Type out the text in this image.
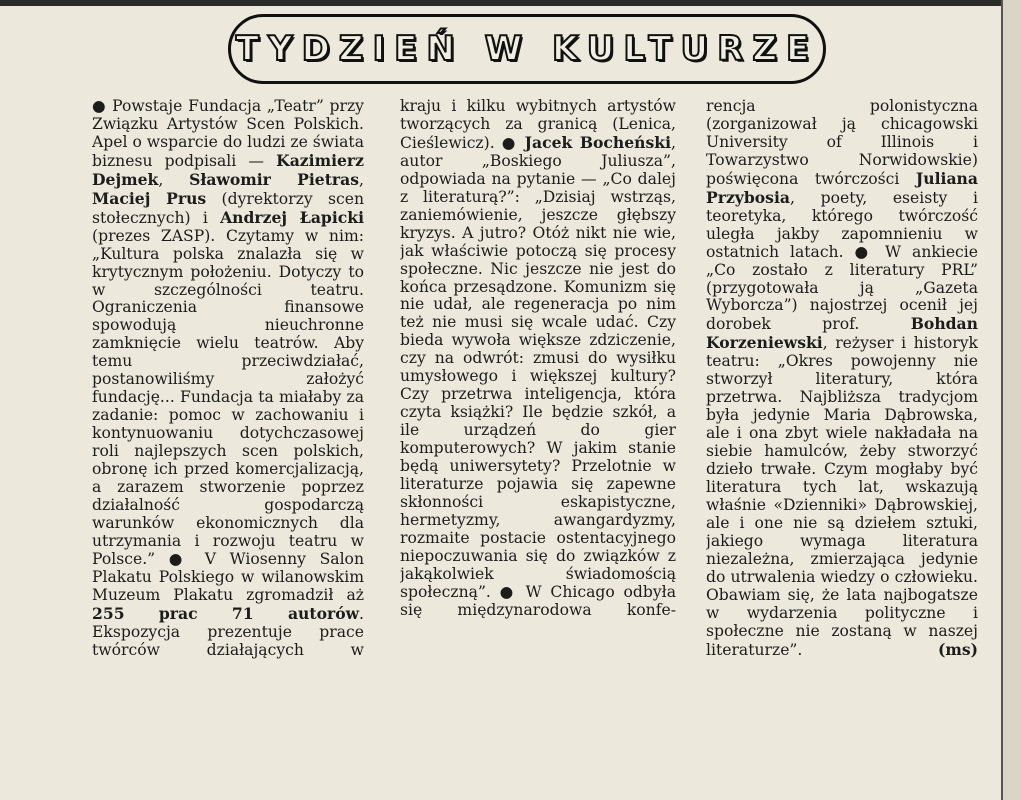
TYDZIEŃ W KULTURZE

● Powstaje Fundacja „Teatr” przy Związku Artystów Scen Polskich. Apel o wsparcie do ludzi ze świata biznesu podpisali — Kazimierz Dejmek, Sławomir Pietras, Maciej Prus (dyrektorzy scen stołecznych) i Andrzej Łapicki (prezes ZASP). Czytamy w nim: „Kultura polska znalazła się w krytycznym położeniu. Dotyczy to w szczególności teatru. Ograniczenia finansowe spowodują nieuchronne zamknięcie wielu teatrów. Aby temu przeciwdziałać, postanowiliśmy założyć fundację... Fundacja ta miałaby za zadanie: pomoc w zachowaniu i kontynuowaniu dotychczasowej roli najlepszych scen polskich, obronę ich przed komercjalizacją, a zarazem stworzenie poprzez działalność gospodarczą warunków ekonomicznych dla utrzymania i rozwoju teatru w Polsce.” ● V Wiosenny Salon Plakatu Polskiego w wilanowskim Muzeum Plakatu zgromadził aż 255 prac 71 autorów. Ekspozycja prezentuje prace twórców działających w

kraju i kilku wybitnych artystów tworzących za granicą (Lenica, Cieślewicz). ● Jacek Bocheński, autor „Boskiego Juliusza”, odpowiada na pytanie — „Co dalej z literaturą?”: „Dzisiaj wstrząs, zaniemówienie, jeszcze głębszy kryzys. A jutro? Otóż nikt nie wie, jak właściwie potoczą się procesy społeczne. Nic jeszcze nie jest do końca przesądzone. Komunizm się nie udał, ale regeneracja po nim też nie musi się wcale udać. Czy bieda wywoła większe zdziczenie, czy na odwrót: zmusi do wysiłku umysłowego i większej kultury? Czy przetrwa inteligencja, która czyta książki? Ile będzie szkół, a ile urządzeń do gier komputerowych? W jakim stanie będą uniwersytety? Przelotnie w literaturze pojawia się zapewne skłonności eskapistyczne, hermetyzmy, awangardyzmy, rozmaite postacie ostentacyjnego niepoczuwania się do związków z jakąkolwiek świadomością społeczną”. ● W Chicago odbyła się międzynarodowa konfe-

rencja polonistyczna (zorganizował ją chicagowski University of Illinois i Towarzystwo Norwidowskie) poświęcona twórczości Juliana Przybosia, poety, eseisty i teoretyka, którego twórczość uległa jakby zapomnieniu w ostatnich latach. ● W ankiecie „Co zostało z literatury PRL” (przygotowała ją „Gazeta Wyborcza”) najostrzej ocenił jej dorobek prof. Bohdan Korzeniewski, reżyser i historyk teatru: „Okres powojenny nie stworzył literatury, która przetrwa. Najbliższa tradycjom była jedynie Maria Dąbrowska, ale i ona zbyt wiele nakładała na siebie hamulców, żeby stworzyć dzieło trwałe. Czym mogłaby być literatura tych lat, wskazują właśnie «Dzienniki» Dąbrowskiej, ale i one nie są dziełem sztuki, jakiego wymaga literatura niezależna, zmierzająca jedynie do utrwalenia wiedzy o człowieku. Obawiam się, że lata najbogatsze w wydarzenia polityczne i społeczne nie zostaną w naszej literaturze”. (ms)
